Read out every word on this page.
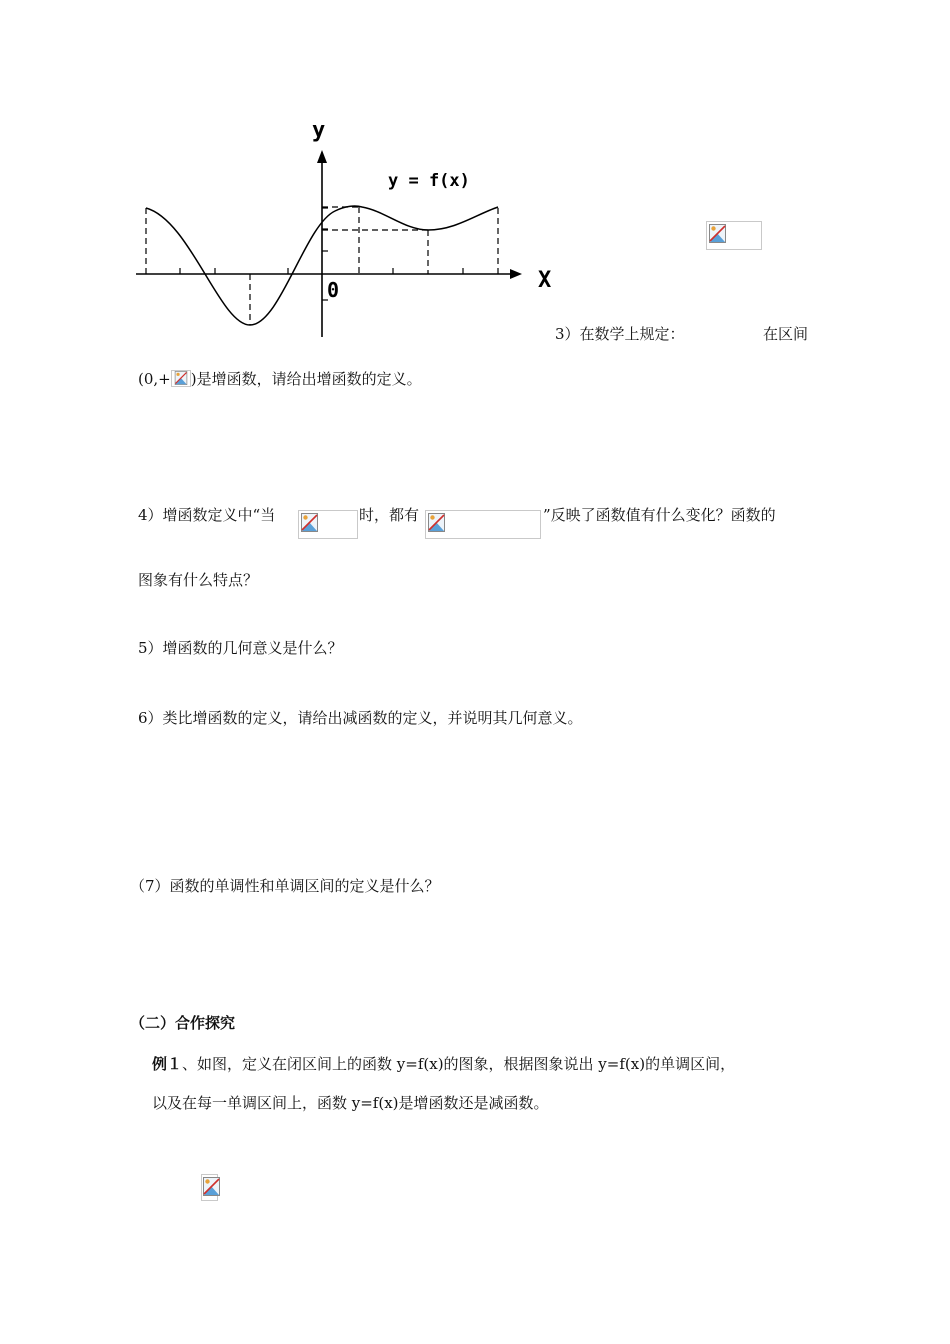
y
X
0
y = f(x)
3）在数学上规定：	在区间
(0,+ )是增函数，请给出增函数的定义。
4）增函数定义中“当	时，都有	”反映了函数值有什么变化？函数的
图象有什么特点？
5）增函数的几何意义是什么？
6）类比增函数的定义，请给出减函数的定义，并说明其几何意义。
（7）函数的单调性和单调区间的定义是什么？
（二）合作探究
例１、如图，定义在闭区间上的函数 y=f(x)的图象，根据图象说出 y=f(x)的单调区间，
以及在每一单调区间上，函数 y=f(x)是增函数还是减函数。
